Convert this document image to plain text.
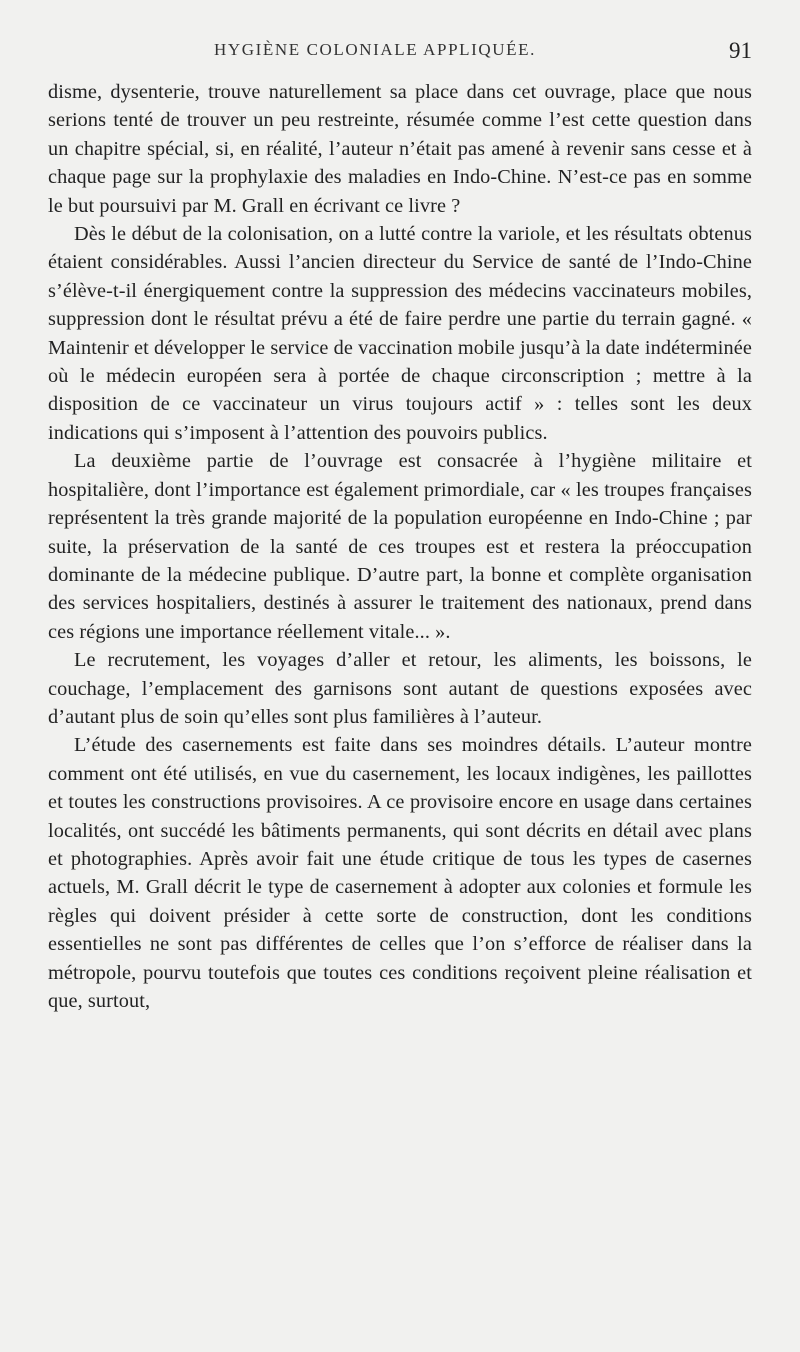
HYGIÈNE COLONIALE APPLIQUÉE.	91

disme, dysenterie, trouve naturellement sa place dans cet ouvrage, place que nous serions tenté de trouver un peu restreinte, résumée comme l’est cette question dans un chapitre spécial, si, en réalité, l’auteur n’était pas amené à revenir sans cesse et à chaque page sur la prophylaxie des maladies en Indo-Chine. N’est-ce pas en somme le but poursuivi par M. Grall en écrivant ce livre ?

Dès le début de la colonisation, on a lutté contre la variole, et les résultats obtenus étaient considérables. Aussi l’ancien directeur du Service de santé de l’Indo-Chine s’élève-t-il énergiquement contre la suppression des médecins vaccinateurs mobiles, suppression dont le résultat prévu a été de faire perdre une partie du terrain gagné. « Maintenir et développer le service de vaccination mobile jusqu’à la date indéterminée où le médecin européen sera à portée de chaque circonscription ; mettre à la disposition de ce vaccinateur un virus toujours actif » : telles sont les deux indications qui s’imposent à l’attention des pouvoirs publics.

La deuxième partie de l’ouvrage est consacrée à l’hygiène militaire et hospitalière, dont l’importance est également primordiale, car « les troupes françaises représentent la très grande majorité de la population européenne en Indo-Chine ; par suite, la préservation de la santé de ces troupes est et restera la préoccupation dominante de la médecine publique. D’autre part, la bonne et complète organisation des services hospitaliers, destinés à assurer le traitement des nationaux, prend dans ces régions une importance réellement vitale... ».

Le recrutement, les voyages d’aller et retour, les aliments, les boissons, le couchage, l’emplacement des garnisons sont autant de questions exposées avec d’autant plus de soin qu’elles sont plus familières à l’auteur.

L’étude des casernements est faite dans ses moindres détails. L’auteur montre comment ont été utilisés, en vue du casernement, les locaux indigènes, les paillottes et toutes les constructions provisoires. A ce provisoire encore en usage dans certaines localités, ont succédé les bâtiments permanents, qui sont décrits en détail avec plans et photographies. Après avoir fait une étude critique de tous les types de casernes actuels, M. Grall décrit le type de casernement à adopter aux colonies et formule les règles qui doivent présider à cette sorte de construction, dont les conditions essentielles ne sont pas différentes de celles que l’on s’efforce de réaliser dans la métropole, pourvu toutefois que toutes ces conditions reçoivent pleine réalisation et que, surtout,
